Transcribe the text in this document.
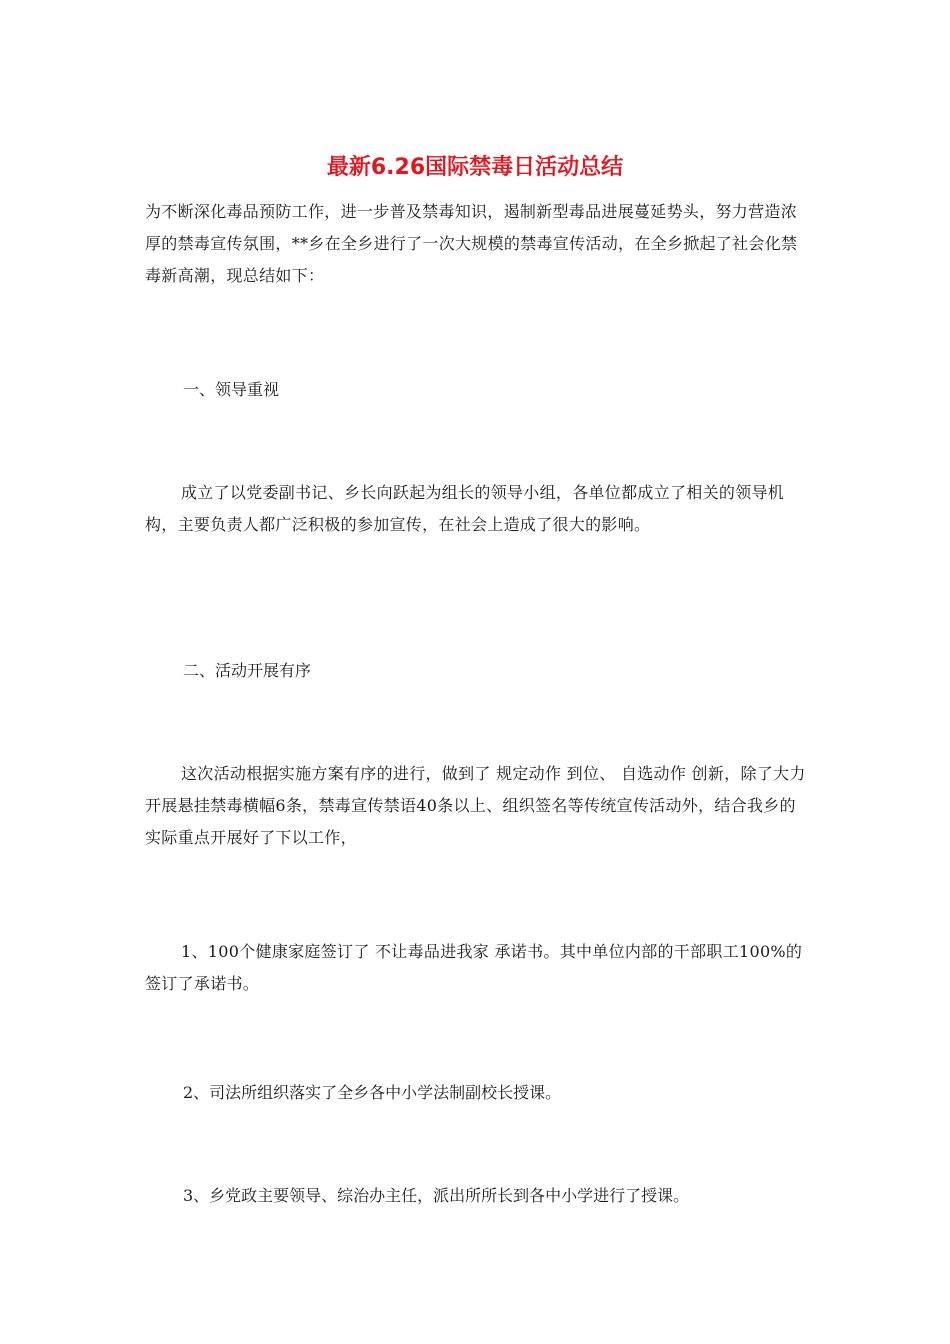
最新6.26国际禁毒日活动总结

为不断深化毒品预防工作，进一步普及禁毒知识，遏制新型毒品进展蔓延势头，努力营造浓厚的禁毒宣传氛围，**乡在全乡进行了一次大规模的禁毒宣传活动，在全乡掀起了社会化禁毒新高潮，现总结如下：

一、领导重视

成立了以党委副书记、乡长向跃起为组长的领导小组，各单位都成立了相关的领导机构，主要负责人都广泛积极的参加宣传，在社会上造成了很大的影响。

二、活动开展有序

这次活动根据实施方案有序的进行，做到了 规定动作 到位、 自选动作 创新，除了大力开展悬挂禁毒横幅6条，禁毒宣传禁语40条以上、组织签名等传统宣传活动外，结合我乡的实际重点开展好了下以工作，

1、100个健康家庭签订了 不让毒品进我家 承诺书。其中单位内部的干部职工100%的签订了承诺书。

2、司法所组织落实了全乡各中小学法制副校长授课。

3、乡党政主要领导、综治办主任，派出所所长到各中小学进行了授课。
